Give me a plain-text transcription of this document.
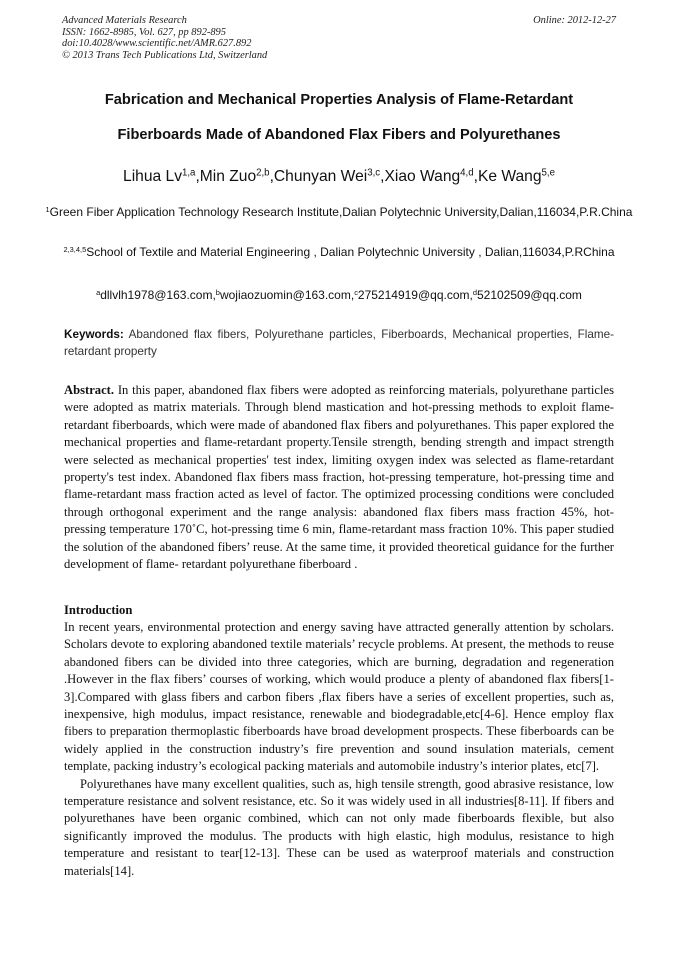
Advanced Materials Research
ISSN: 1662-8985, Vol. 627, pp 892-895
doi:10.4028/www.scientific.net/AMR.627.892
© 2013 Trans Tech Publications Ltd, Switzerland
Online: 2012-12-27
Fabrication and Mechanical Properties Analysis of Flame-Retardant
Fiberboards Made of Abandoned Flax Fibers and Polyurethanes
Lihua Lv$^{1,a}$,Min Zuo$^{2,b}$,Chunyan Wei$^{3,c}$,Xiao Wang$^{4,d}$,Ke Wang$^{5,e}$
$^1$Green Fiber Application Technology Research Institute,Dalian Polytechnic University,Dalian,116034,P.R.China
$^{2,3,4,5}$School of Textile and Material Engineering , Dalian Polytechnic University , Dalian,116034,P.RChina
$^a$dllvlh1978@163.com,$^b$wojiaozuomin@163.com,$^c$275214919@qq.com,$^d$52102509@qq.com
Keywords: Abandoned flax fibers, Polyurethane particles, Fiberboards, Mechanical properties, Flame- retardant property
Abstract. In this paper, abandoned flax fibers were adopted as reinforcing materials, polyurethane particles were adopted as matrix materials. Through blend mastication and hot-pressing methods to exploit flame-retardant fiberboards, which were made of abandoned flax fibers and polyurethanes. This paper explored the mechanical properties and flame-retardant property.Tensile strength, bending strength and impact strength were selected as mechanical properties' test index, limiting oxygen index was selected as flame-retardant property's test index. Abandoned flax fibers mass fraction, hot-pressing temperature, hot-pressing time and flame-retardant mass fraction acted as level of factor. The optimized processing conditions were concluded through orthogonal experiment and the range analysis: abandoned flax fibers mass fraction 45%, hot-pressing temperature 170˚C, hot-pressing time 6 min, flame-retardant mass fraction 10%. This paper studied the solution of the abandoned fibers’ reuse. At the same time, it provided theoretical guidance for the further development of flame- retardant polyurethane fiberboard .
Introduction

In recent years, environmental protection and energy saving have attracted generally attention by scholars. Scholars devote to exploring abandoned textile materials’ recycle problems. At present, the methods to reuse abandoned fibers can be divided into three categories, which are burning, degradation and regeneration .However in the flax fibers’ courses of working, which would produce a plenty of abandoned flax fibers[1-3].Compared with glass fibers and carbon fibers ,flax fibers have a series of excellent properties, such as, inexpensive, high modulus, impact resistance, renewable and biodegradable,etc[4-6]. Hence employ flax fibers to preparation thermoplastic fiberboards have broad development prospects. These fiberboards can be widely applied in the construction industry’s fire prevention and sound insulation materials, cement template, packing industry’s ecological packing materials and automobile industry’s interior plates, etc[7].

Polyurethanes have many excellent qualities, such as, high tensile strength, good abrasive resistance, low temperature resistance and solvent resistance, etc. So it was widely used in all industries[8-11]. If fibers and polyurethanes have been organic combined, which can not only made fiberboards flexible, but also significantly improved the modulus. The products with high elastic, high modulus, resistance to high temperature and resistant to tear[12-13]. These can be used as waterproof materials and construction materials[14].
